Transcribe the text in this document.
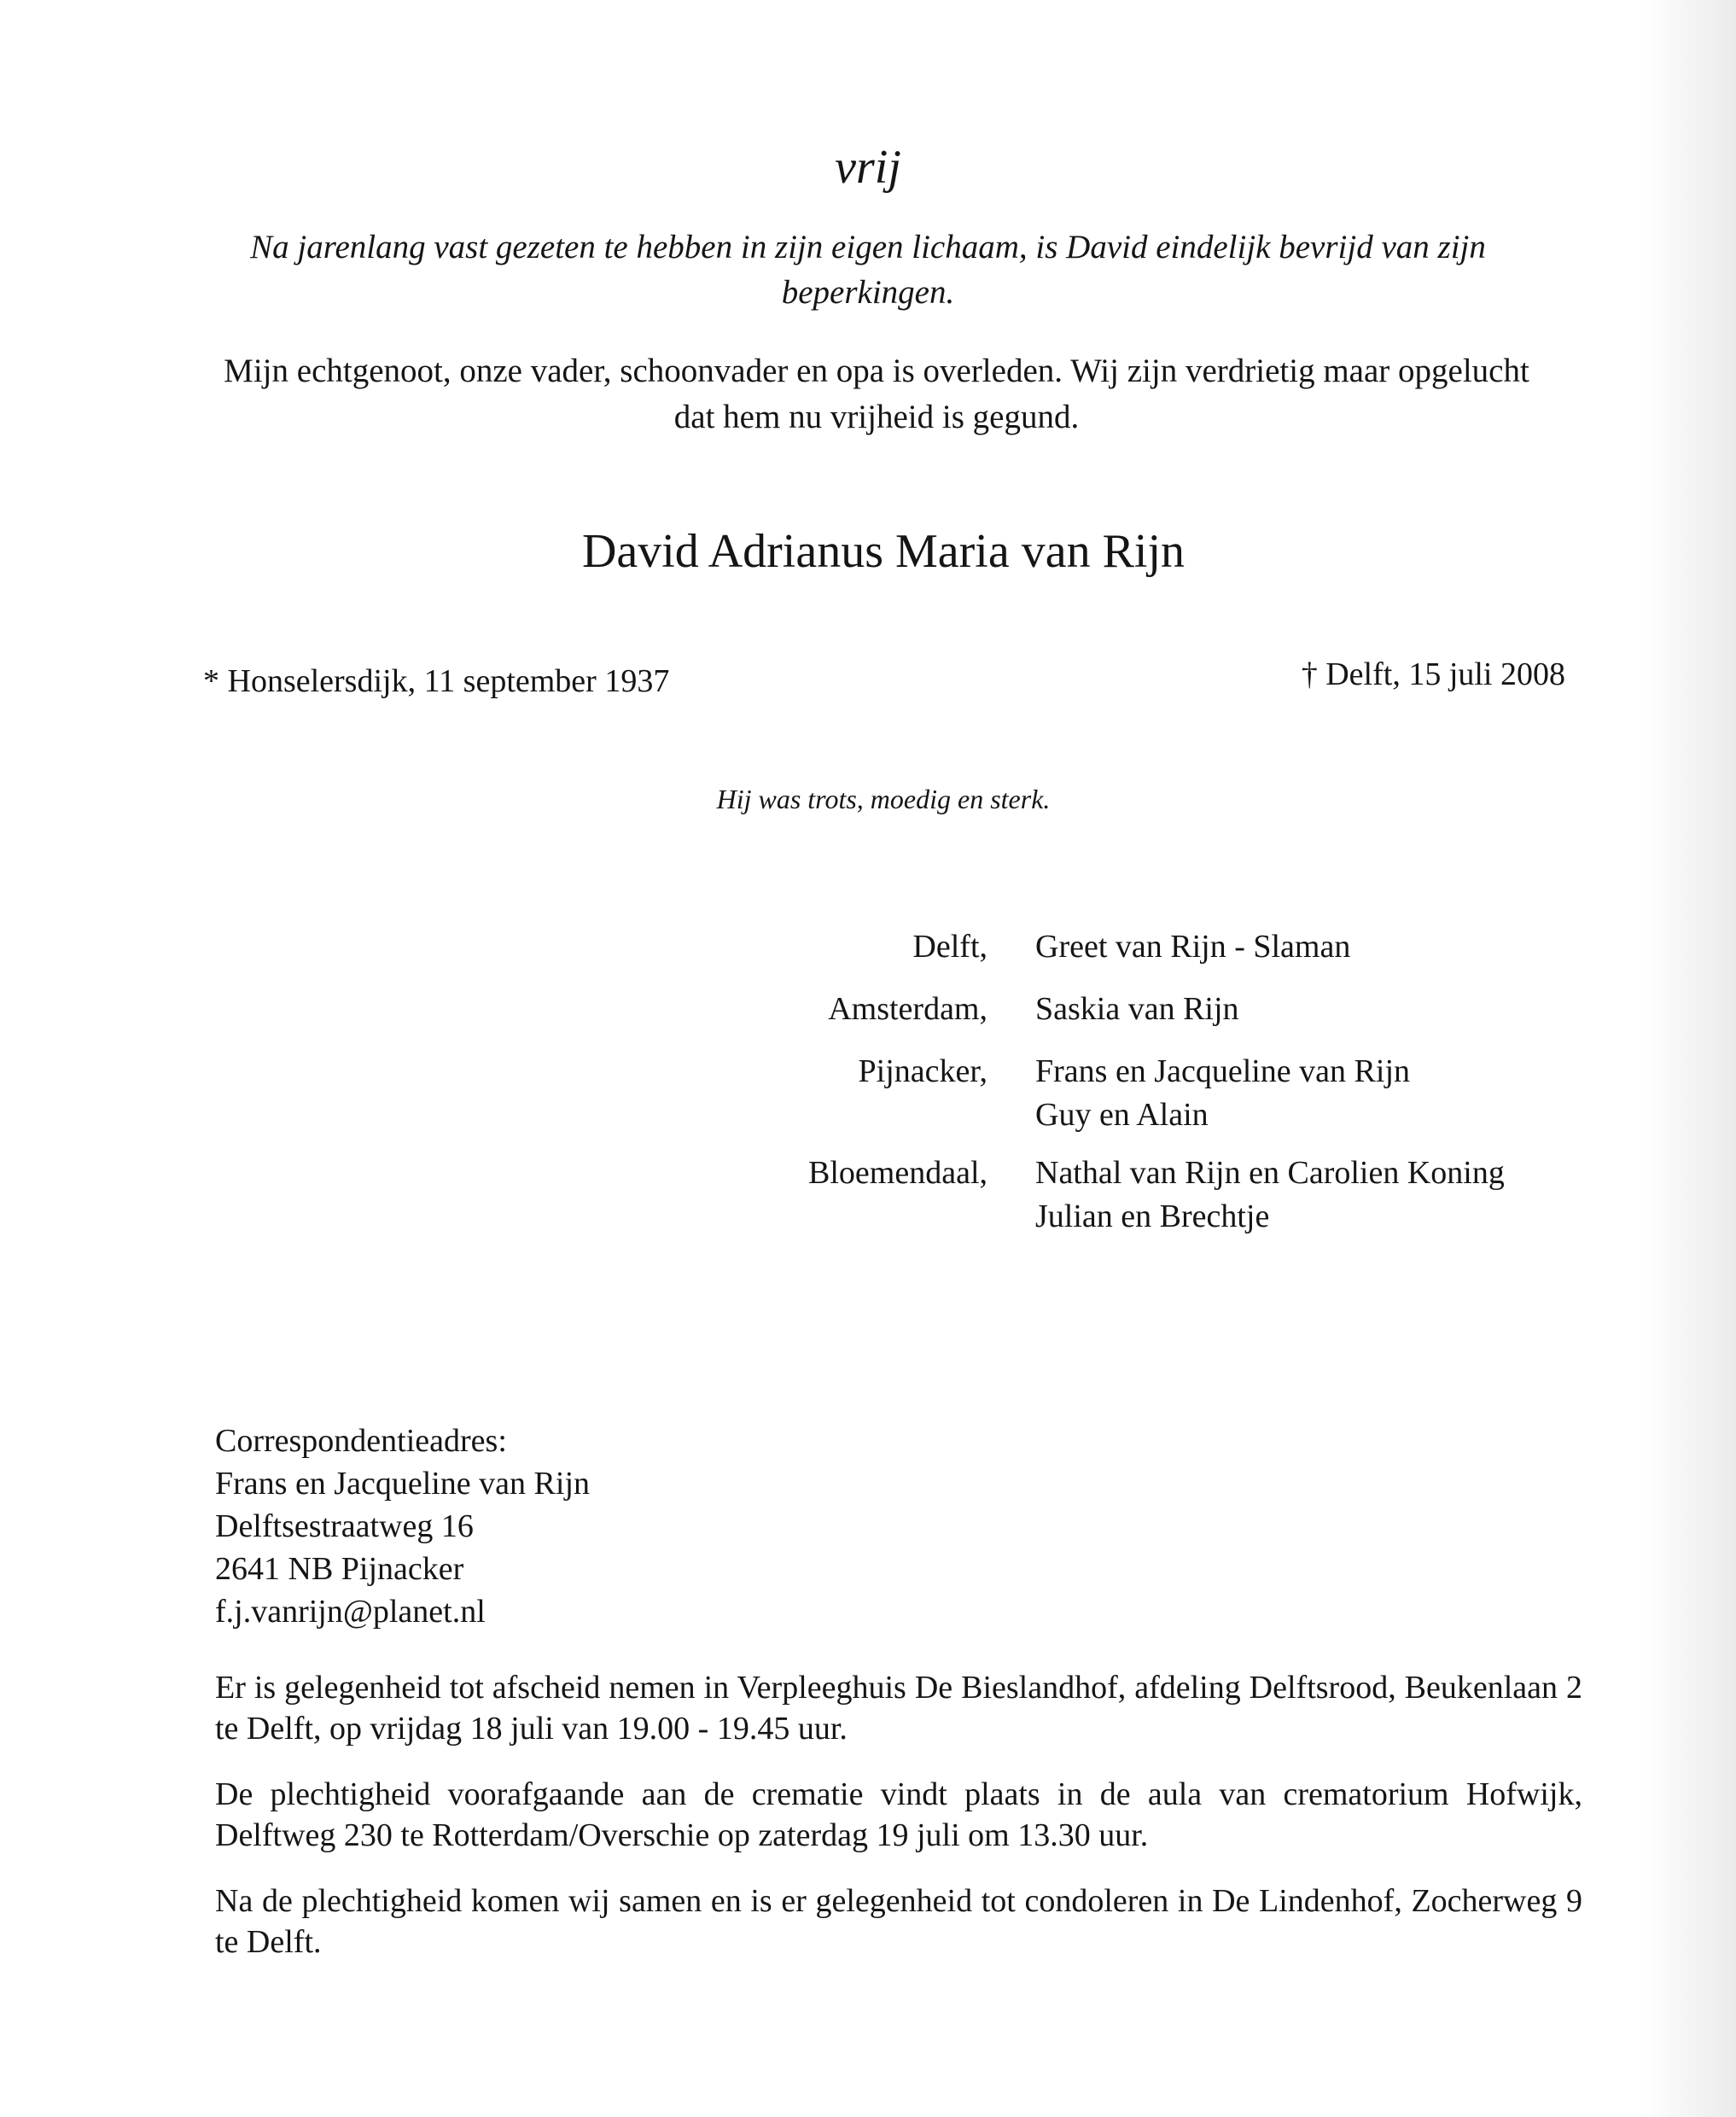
vrij
Na jarenlang vast gezeten te hebben in zijn eigen lichaam, is David eindelijk bevrijd van zijn beperkingen.
Mijn echtgenoot, onze vader, schoonvader en opa is overleden. Wij zijn verdrietig maar opgelucht dat hem nu vrijheid is gegund.
David Adrianus Maria van Rijn
* Honselersdijk, 11 september 1937	† Delft, 15 juli 2008
Hij was trots, moedig en sterk.
Delft, Greet van Rijn - Slaman
Amsterdam, Saskia van Rijn
Pijnacker, Frans en Jacqueline van Rijn
Guy en Alain
Bloemendaal, Nathal van Rijn en Carolien Koning
Julian en Brechtje
Correspondentieadres:
Frans en Jacqueline van Rijn
Delftsestraatweg 16
2641 NB Pijnacker
f.j.vanrijn@planet.nl
Er is gelegenheid tot afscheid nemen in Verpleeghuis De Bieslandhof, afdeling Delftsrood, Beukenlaan 2 te Delft, op vrijdag 18 juli van 19.00 - 19.45 uur.
De plechtigheid voorafgaande aan de crematie vindt plaats in de aula van crematorium Hofwijk, Delftweg 230 te Rotterdam/Overschie op zaterdag 19 juli om 13.30 uur.
Na de plechtigheid komen wij samen en is er gelegenheid tot condoleren in De Lindenhof, Zocherweg 9 te Delft.
